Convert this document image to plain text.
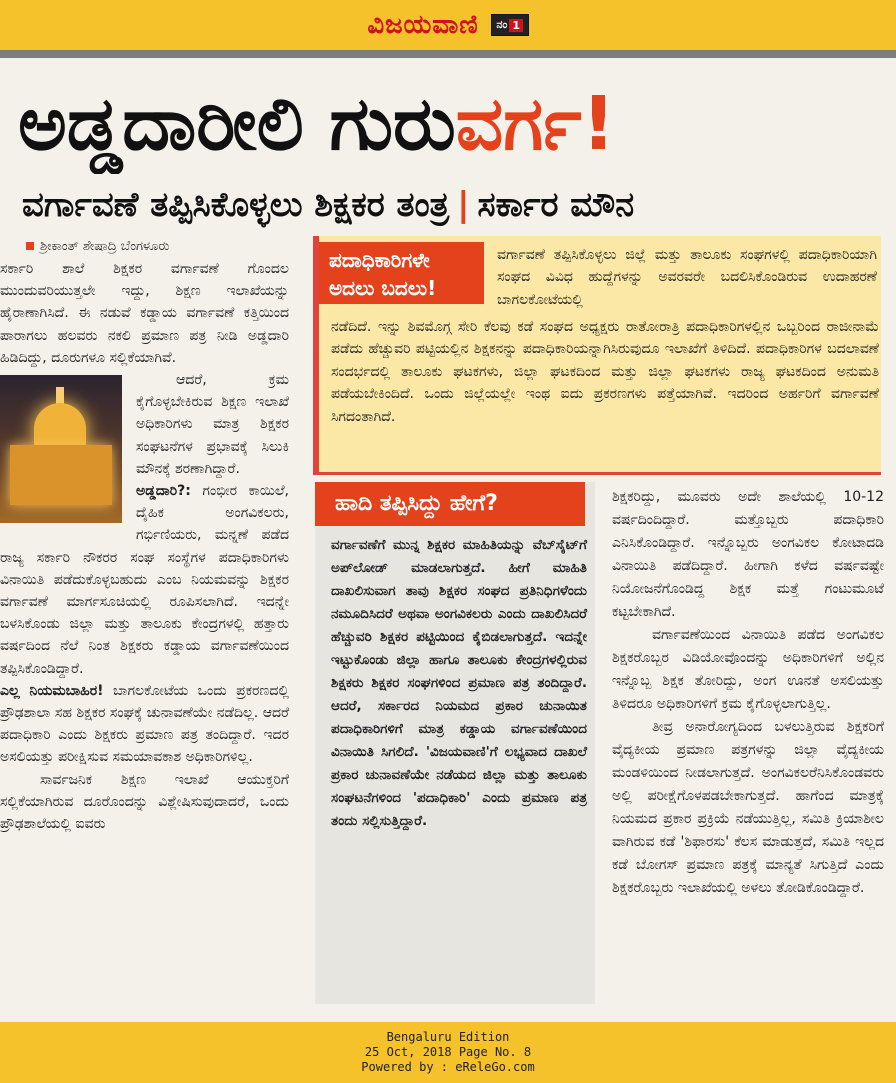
ವಿಜಯವಾಣಿ ನಂ 1
ಅಡ್ಡದಾರೀಲಿ ಗುರುವರ್ಗ!
ವರ್ಗಾವಣೆ ತಪ್ಪಿಸಿಕೊಳ್ಳಲು ಶಿಕ್ಷಕರ ತಂತ್ರ | ಸರ್ಕಾರ ಮೌನ
ಶ್ರೀಕಾಂತ್ ಶೇಷಾದ್ರಿ ಬೆಂಗಳೂರು

ಸರ್ಕಾರಿ ಶಾಲೆ ಶಿಕ್ಷಕರ ವರ್ಗಾವಣೆ ಗೊಂದಲ ಮುಂದುವರಿಯುತ್ತಲೇ ಇದ್ದು, ಶಿಕ್ಷಣ ಇಲಾಖೆಯನ್ನು ಹೈರಾಣಾಗಿಸಿದೆ. ಈ ನಡುವೆ ಕಡ್ಡಾಯ ವರ್ಗಾವಣೆ ಕತ್ತಿಯಿಂದ ಪಾರಾಗಲು ಹಲವರು ನಕಲಿ ಪ್ರಮಾಣ ಪತ್ರ ನೀಡಿ ಅಡ್ಡದಾರಿ ಹಿಡಿದಿದ್ದು, ದೂರುಗಳೂ ಸಲ್ಲಿಕೆಯಾಗಿವೆ.

ಆದರೆ, ಕ್ರಮ ಕೈಗೊಳ್ಳಬೇಕಿರುವ ಶಿಕ್ಷಣ ಇಲಾಖೆ ಅಧಿಕಾರಿಗಳು ಮಾತ್ರ ಶಿಕ್ಷಕರ ಸಂಘಟನೆಗಳ ಪ್ರಭಾವಕ್ಕೆ ಸಿಲುಕಿ ಮೌನಕ್ಕೆ ಶರಣಾಗಿದ್ದಾರೆ.

ಅಡ್ಡದಾರಿ?: ಗಂಭೀರ ಕಾಯಿಲೆ, ದೈಹಿಕ ಅಂಗವಿಕಲರು, ಗರ್ಭಿಣಿಯರು, ಮನ್ನಣೆ ಪಡೆದ ರಾಜ್ಯ ಸರ್ಕಾರಿ ನೌಕರರ ಸಂಘ ಸಂಸ್ಥೆಗಳ ಪದಾಧಿಕಾರಿಗಳು ವಿನಾಯಿತಿ ಪಡೆದುಕೊಳ್ಳಬಹುದು ಎಂಬ ನಿಯಮವನ್ನು ಶಿಕ್ಷಕರ ವರ್ಗಾವಣೆ ಮಾರ್ಗಸೂಚಿಯಲ್ಲಿ ರೂಪಿಸಲಾಗಿದೆ. ಇದನ್ನೇ ಬಳಸಿಕೊಂಡು ಜಿಲ್ಲಾ ಮತ್ತು ತಾಲೂಕು ಕೇಂದ್ರಗಳಲ್ಲಿ ಹತ್ತಾರು ವರ್ಷದಿಂದ ನೆಲೆ ನಿಂತ ಶಿಕ್ಷಕರು ಕಡ್ಡಾಯ ವರ್ಗಾವಣೆಯಿಂದ ತಪ್ಪಿಸಿಕೊಂಡಿದ್ದಾರೆ.

ಎಲ್ಲ ನಿಯಮಬಾಹಿರ! ಬಾಗಲಕೋಟೆಯ ಒಂದು ಪ್ರಕರಣದಲ್ಲಿ ಪ್ರೌಢಶಾಲಾ ಸಹ ಶಿಕ್ಷಕರ ಸಂಘಕ್ಕೆ ಚುನಾವಣೆಯೇ ನಡೆದಿಲ್ಲ. ಆದರೆ ಪದಾಧಿಕಾರಿ ಎಂದು ಶಿಕ್ಷಕರು ಪ್ರಮಾಣ ಪತ್ರ ತಂದಿದ್ದಾರೆ. ಇದರ ಅಸಲಿಯತ್ತು ಪರೀಕ್ಷಿಸುವ ಸಮಯಾವಕಾಶ ಅಧಿಕಾರಿಗಳಿಲ್ಲ.

ಸಾರ್ವಜನಿಕ ಶಿಕ್ಷಣ ಇಲಾಖೆ ಆಯುಕ್ತರಿಗೆ ಸಲ್ಲಿಕೆಯಾಗಿರುವ ದೂರೊಂದನ್ನು ವಿಶ್ಲೇಷಿಸುವುದಾದರೆ, ಒಂದು ಪ್ರೌಢಶಾಲೆಯಲ್ಲಿ ಐವರು

ಪದಾಧಿಕಾರಿಗಳೇ ಅದಲು ಬದಲು!

ವರ್ಗಾವಣೆ ತಪ್ಪಿಸಿಕೊಳ್ಳಲು ಜಿಲ್ಲೆ ಮತ್ತು ತಾಲೂಕು ಸಂಘಗಳಲ್ಲಿ ಪದಾಧಿಕಾರಿಯಾಗಿ ಸಂಘದ ವಿವಿಧ ಹುದ್ದೆಗಳನ್ನು ಅವರವರೇ ಬದಲಿಸಿಕೊಂಡಿರುವ ಉದಾಹರಣೆ ಬಾಗಲಕೋಟೆಯಲ್ಲಿ

ನಡೆದಿದೆ. ಇನ್ನು ಶಿವಮೊಗ್ಗ ಸೇರಿ ಕೆಲವು ಕಡೆ ಸಂಘದ ಅಧ್ಯಕ್ಷರು ರಾತೋರಾತ್ರಿ ಪದಾಧಿಕಾರಿಗಳಲ್ಲಿನ ಒಬ್ಬರಿಂದ ರಾಜೀನಾಮೆ ಪಡೆದು ಹೆಚ್ಚುವರಿ ಪಟ್ಟಿಯಲ್ಲಿನ ಶಿಕ್ಷಕನನ್ನು ಪದಾಧಿಕಾರಿಯನ್ನಾಗಿಸಿರುವುದೂ ಇಲಾಖೆಗೆ ತಿಳಿದಿದೆ. ಪದಾಧಿಕಾರಿಗಳ ಬದಲಾವಣೆ ಸಂದರ್ಭದಲ್ಲಿ ತಾಲೂಕು ಘಟಕಗಳು, ಜಿಲ್ಲಾ ಘಟಕದಿಂದ ಮತ್ತು ಜಿಲ್ಲಾ ಘಟಕಗಳು ರಾಜ್ಯ ಘಟಕದಿಂದ ಅನುಮತಿ ಪಡೆಯಬೇಕಿಂದಿದೆ. ಒಂದು ಜಿಲ್ಲೆಯಲ್ಲೇ ಇಂಥ ಐದು ಪ್ರಕರಣಗಳು ಪತ್ತೆಯಾಗಿವೆ. ಇದರಿಂದ ಅರ್ಹರಿಗೆ ವರ್ಗಾವಣೆ ಸಿಗದಂತಾಗಿದೆ.

ಹಾದಿ ತಪ್ಪಿಸಿದ್ದು ಹೇಗೆ?

ವರ್ಗಾವಣೆಗೆ ಮುನ್ನ ಶಿಕ್ಷಕರ ಮಾಹಿತಿಯನ್ನು ವೆಬ್‌ಸೈಟ್‌ಗೆ ಅಪ್‌ಲೋಡ್ ಮಾಡಲಾಗುತ್ತದೆ. ಹೀಗೆ ಮಾಹಿತಿ ದಾಖಲಿಸುವಾಗ ತಾವು ಶಿಕ್ಷಕರ ಸಂಘದ ಪ್ರತಿನಿಧಿಗಳೆಂದು ನಮೂದಿಸಿದರೆ ಅಥವಾ ಅಂಗವಿಕಲರು ಎಂದು ದಾಖಲಿಸಿದರೆ ಹೆಚ್ಚುವರಿ ಶಿಕ್ಷಕರ ಪಟ್ಟಿಯಿಂದ ಕೈಬಿಡಲಾಗುತ್ತದೆ. ಇದನ್ನೇ ಇಟ್ಟುಕೊಂಡು ಜಿಲ್ಲಾ ಹಾಗೂ ತಾಲೂಕು ಕೇಂದ್ರಗಳಲ್ಲಿರುವ ಶಿಕ್ಷಕರು ಶಿಕ್ಷಕರ ಸಂಘಗಳಿಂದ ಪ್ರಮಾಣ ಪತ್ರ ತಂದಿದ್ದಾರೆ. ಆದರೆ, ಸರ್ಕಾರದ ನಿಯಮದ ಪ್ರಕಾರ ಚುನಾಯಿತ ಪದಾಧಿಕಾರಿಗಳಿಗೆ ಮಾತ್ರ ಕಡ್ಡಾಯ ವರ್ಗಾವಣೆಯಿಂದ ವಿನಾಯಿತಿ ಸಿಗಲಿದೆ. 'ವಿಜಯವಾಣಿ'ಗೆ ಲಭ್ಯವಾದ ದಾಖಲೆ ಪ್ರಕಾರ ಚುನಾವಣೆಯೇ ನಡೆಯದ ಜಿಲ್ಲಾ ಮತ್ತು ತಾಲೂಕು ಸಂಘಟನೆಗಳಿಂದ 'ಪದಾಧಿಕಾರಿ' ಎಂದು ಪ್ರಮಾಣ ಪತ್ರ ತಂದು ಸಲ್ಲಿಸುತ್ತಿದ್ದಾರೆ.

ಶಿಕ್ಷಕರಿದ್ದು, ಮೂವರು ಅದೇ ಶಾಲೆಯಲ್ಲಿ 10-12 ವರ್ಷದಿಂದಿದ್ದಾರೆ. ಮತ್ತೊಬ್ಬರು ಪದಾಧಿಕಾರಿ ಎನಿಸಿಕೊಂಡಿದ್ದಾರೆ. ಇನ್ನೊಬ್ಬರು ಅಂಗವಿಕಲ ಕೋಟಾದಡಿ ವಿನಾಯಿತಿ ಪಡೆದಿದ್ದಾರೆ. ಹೀಗಾಗಿ ಕಳೆದ ವರ್ಷವಷ್ಟೇ ನಿಯೋಜನೆಗೊಂಡಿದ್ದ ಶಿಕ್ಷಕ ಮತ್ತೆ ಗಂಟುಮೂಟೆ ಕಟ್ಟಬೇಕಾಗಿದೆ.

ವರ್ಗಾವಣೆಯಿಂದ ವಿನಾಯಿತಿ ಪಡೆದ ಅಂಗವಿಕಲ ಶಿಕ್ಷಕರೊಬ್ಬರ ವಿಡಿಯೋವೊಂದನ್ನು ಅಧಿಕಾರಿಗಳಿಗೆ ಅಲ್ಲಿನ ಇನ್ನೊಬ್ಬ ಶಿಕ್ಷಕ ತೋರಿದ್ದು, ಅಂಗ ಊನತೆ ಅಸಲಿಯತ್ತು ತಿಳಿದರೂ ಅಧಿಕಾರಿಗಳಿಗೆ ಕ್ರಮ ಕೈಗೊಳ್ಳಲಾಗುತ್ತಿಲ್ಲ.

ತೀವ್ರ ಅನಾರೋಗ್ಯದಿಂದ ಬಳಲುತ್ತಿರುವ ಶಿಕ್ಷಕರಿಗೆ ವೈದ್ಯಕೀಯ ಪ್ರಮಾಣ ಪತ್ರಗಳನ್ನು ಜಿಲ್ಲಾ ವೈದ್ಯಕೀಯ ಮಂಡಳಿಯಿಂದ ನೀಡಲಾಗುತ್ತದೆ. ಅಂಗವಿಕಲರೆನಿಸಿಕೊಂಡವರು ಅಲ್ಲಿ ಪರೀಕ್ಷೆಗೊಳಪಡಬೇಕಾಗುತ್ತದೆ. ಹಾಗೆಂದ ಮಾತ್ರಕ್ಕೆ ನಿಯಮದ ಪ್ರಕಾರ ಪ್ರಕ್ರಿಯೆ ನಡೆಯುತ್ತಿಲ್ಲ, ಸಮಿತಿ ಕ್ರಿಯಾಶೀಲ ವಾಗಿರುವ ಕಡೆ 'ಶಿಫಾರಸು' ಕೆಲಸ ಮಾಡುತ್ತದೆ, ಸಮಿತಿ ಇಲ್ಲದ ಕಡೆ ಬೋಗಸ್ ಪ್ರಮಾಣ ಪತ್ರಕ್ಕೆ ಮಾನ್ಯತೆ ಸಿಗುತ್ತಿದೆ ಎಂದು ಶಿಕ್ಷಕರೊಬ್ಬರು ಇಲಾಖೆಯಲ್ಲಿ ಅಳಲು ತೋಡಿಕೊಂಡಿದ್ದಾರೆ.

Bengaluru Edition
25 Oct, 2018 Page No. 8
Powered by : eReleGo.com
